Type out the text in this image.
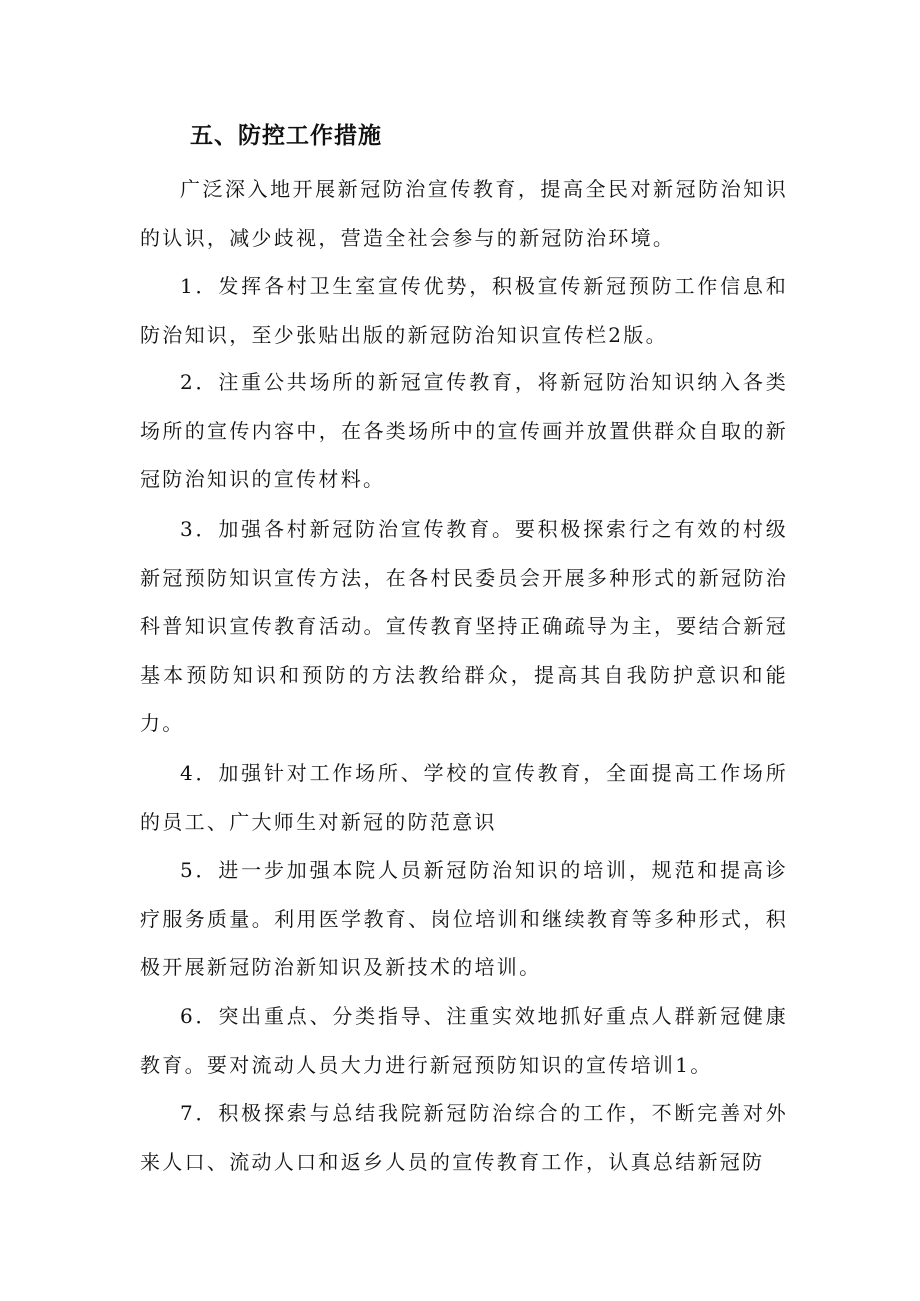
五、防控工作措施

广泛深入地开展新冠防治宣传教育，提高全民对新冠防治知识的认识，减少歧视，营造全社会参与的新冠防治环境。

1．发挥各村卫生室宣传优势，积极宣传新冠预防工作信息和防治知识，至少张贴出版的新冠防治知识宣传栏2版。

2．注重公共场所的新冠宣传教育，将新冠防治知识纳入各类场所的宣传内容中，在各类场所中的宣传画并放置供群众自取的新冠防治知识的宣传材料。

3．加强各村新冠防治宣传教育。要积极探索行之有效的村级新冠预防知识宣传方法，在各村民委员会开展多种形式的新冠防治科普知识宣传教育活动。宣传教育坚持正确疏导为主，要结合新冠基本预防知识和预防的方法教给群众，提高其自我防护意识和能力。

4．加强针对工作场所、学校的宣传教育，全面提高工作场所的员工、广大师生对新冠的防范意识

5．进一步加强本院人员新冠防治知识的培训，规范和提高诊疗服务质量。利用医学教育、岗位培训和继续教育等多种形式，积极开展新冠防治新知识及新技术的培训。

6．突出重点、分类指导、注重实效地抓好重点人群新冠健康教育。要对流动人员大力进行新冠预防知识的宣传培训1。

7．积极探索与总结我院新冠防治综合的工作，不断完善对外来人口、流动人口和返乡人员的宣传教育工作，认真总结新冠防
